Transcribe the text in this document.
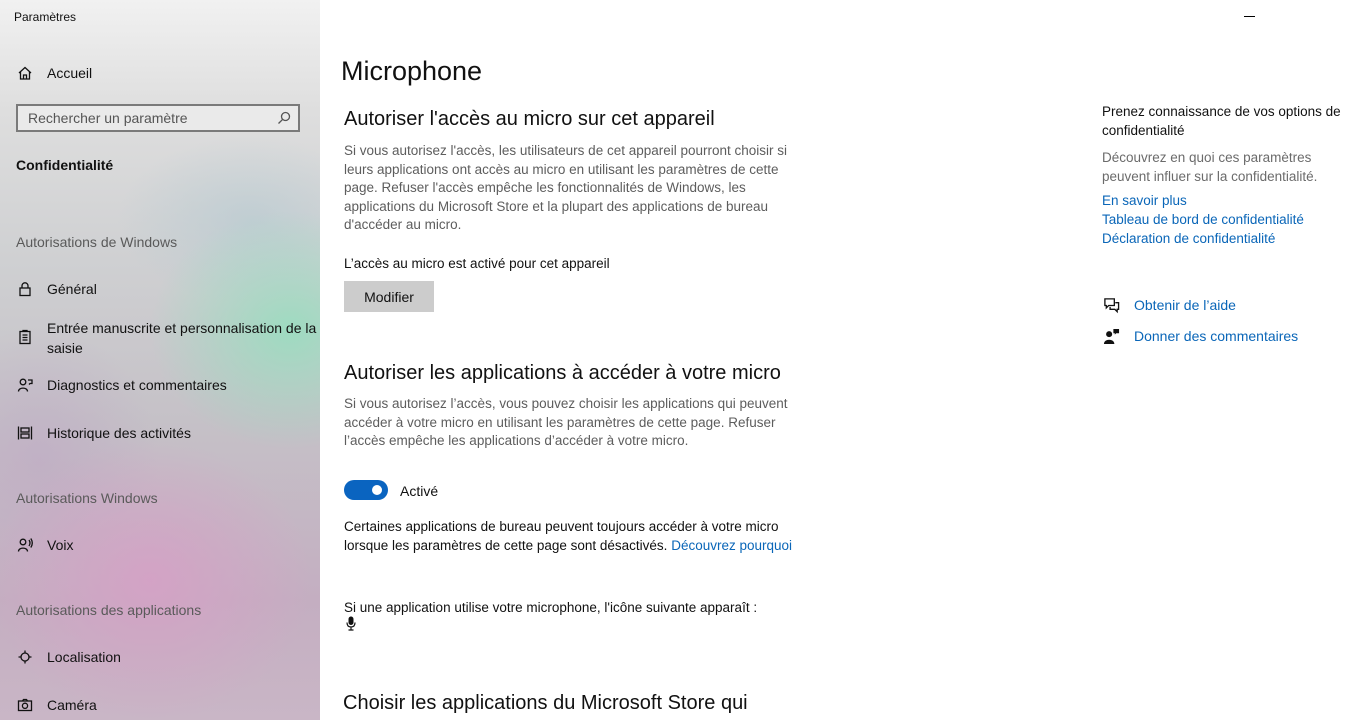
Paramètres
Accueil
Rechercher un paramètre
Confidentialité
Autorisations de Windows
Général
Entrée manuscrite et personnalisation de la saisie
Diagnostics et commentaires
Historique des activités
Autorisations Windows
Voix
Autorisations des applications
Localisation
Caméra
Microphone
Autoriser l'accès au micro sur cet appareil

Si vous autorisez l'accès, les utilisateurs de cet appareil pourront choisir si leurs applications ont accès au micro en utilisant les paramètres de cette page. Refuser l'accès empêche les fonctionnalités de Windows, les applications du Microsoft Store et la plupart des applications de bureau d'accéder au micro.

L’accès au micro est activé pour cet appareil
Modifier
Autoriser les applications à accéder à votre micro

Si vous autorisez l’accès, vous pouvez choisir les applications qui peuvent accéder à votre micro en utilisant les paramètres de cette page. Refuser l’accès empêche les applications d’accéder à votre micro.

Activé

Certaines applications de bureau peuvent toujours accéder à votre micro lorsque les paramètres de cette page sont désactivés. Découvrez pourquoi

Si une application utilise votre microphone, l'icône suivante apparaît :
Choisir les applications du Microsoft Store qui

Prenez connaissance de vos options de confidentialité

Découvrez en quoi ces paramètres peuvent influer sur la confidentialité.

En savoir plus
Tableau de bord de confidentialité
Déclaration de confidentialité
Obtenir de l’aide
Donner des commentaires
